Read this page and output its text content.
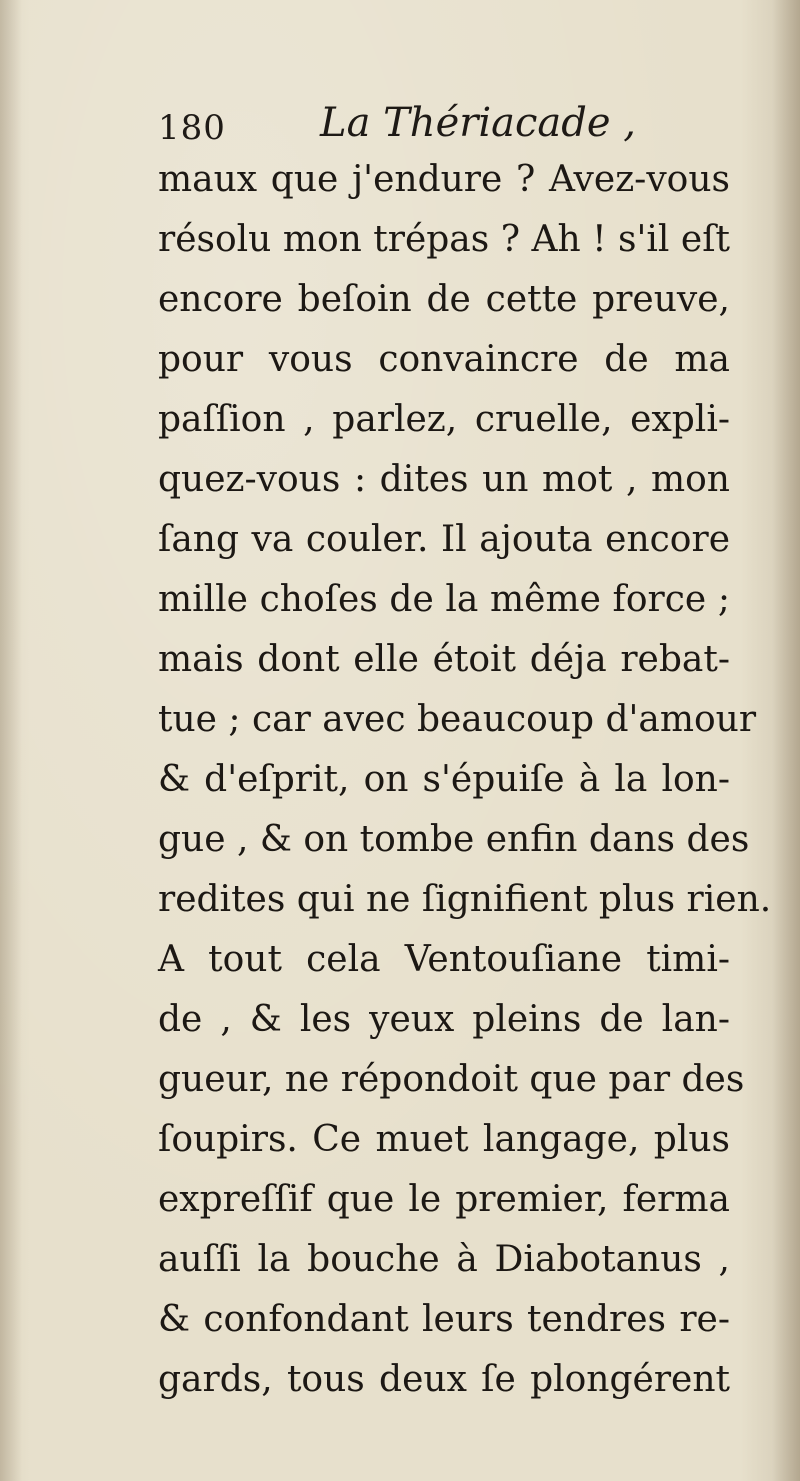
180 La Thériacade ,
maux que j'endure ? Avez-vous
résolu mon trépas ? Ah ! s'il eſt
encore beſoin de cette preuve,
pour vous convaincre de ma
paſſion , parlez, cruelle, expli-
quez-vous : dites un mot , mon
ſang va couler. Il ajouta encore
mille choſes de la même force ;
mais dont elle étoit déja rebat-
tue ; car avec beaucoup d'amour
& d'eſprit, on s'épuiſe à la lon-
gue , & on tombe enfin dans des
redites qui ne ſignifient plus rien.
A tout cela Ventouſiane timi-
de , & les yeux pleins de lan-
gueur, ne répondoit que par des
ſoupirs. Ce muet langage, plus
expreſſif que le premier, ferma
auſſi la bouche à Diabotanus ,
& confondant leurs tendres re-
gards, tous deux ſe plongérent
